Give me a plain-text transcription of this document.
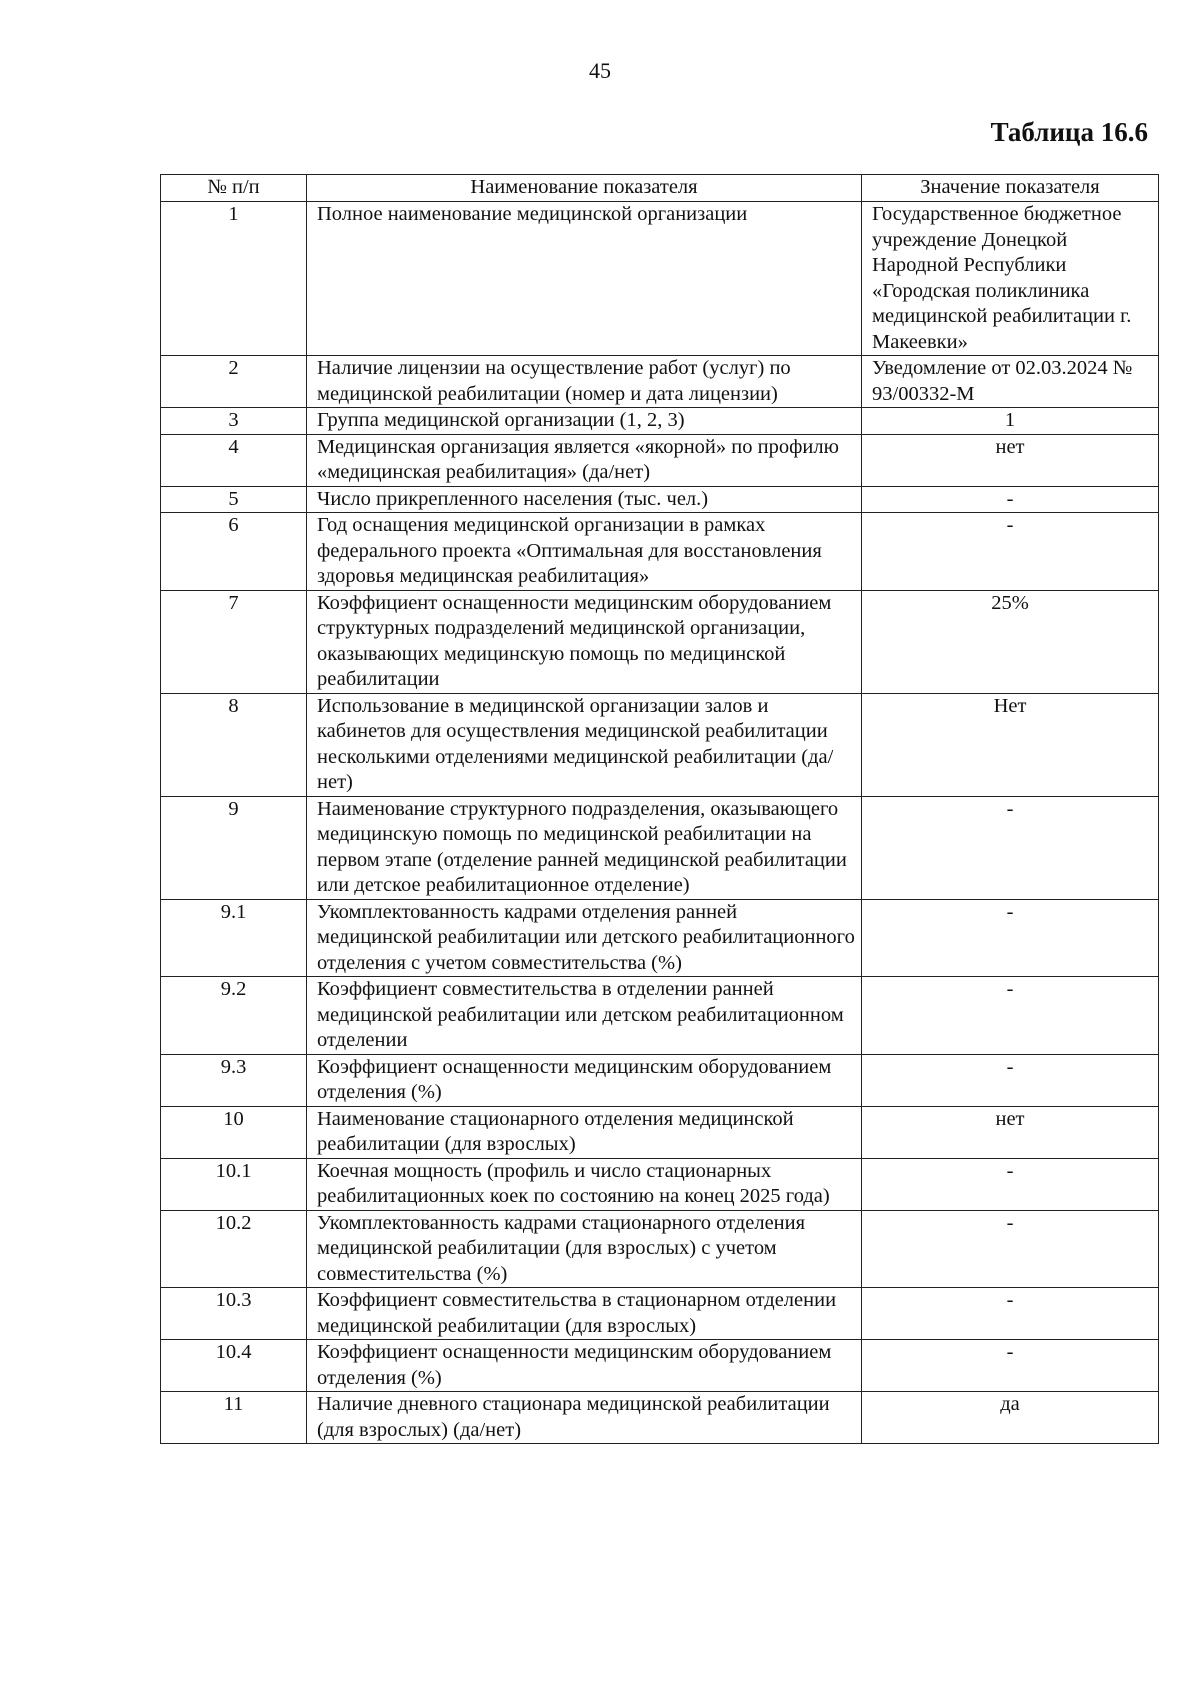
45
Таблица 16.6
№ п/п	Наименование показателя	Значение показателя
1	Полное наименование медицинской организации	Государственное бюджетное учреждение Донецкой Народной Республики «Городская поликлиника медицинской реабилитации г. Макеевки»
2	Наличие лицензии на осуществление работ (услуг) по медицинской реабилитации (номер и дата лицензии)	Уведомление от 02.03.2024 № 93/00332-М
3	Группа медицинской организации (1, 2, 3)	1
4	Медицинская организация является «якорной» по профилю «медицинская реабилитация» (да/нет)	нет
5	Число прикрепленного населения (тыс. чел.)	-
6	Год оснащения медицинской организации в рамках федерального проекта «Оптимальная для восстановления здоровья медицинская реабилитация»	-
7	Коэффициент оснащенности медицинским оборудованием структурных подразделений медицинской организации, оказывающих медицинскую помощь по медицинской реабилитации	25%
8	Использование в медицинской организации залов и кабинетов для осуществления медицинской реабилитации несколькими отделениями медицинской реабилитации (да/нет)	Нет
9	Наименование структурного подразделения, оказывающего медицинскую помощь по медицинской реабилитации на первом этапе (отделение ранней медицинской реабилитации или детское реабилитационное отделение)	-
9.1	Укомплектованность кадрами отделения ранней медицинской реабилитации или детского реабилитационного отделения с учетом совместительства (%)	-
9.2	Коэффициент совместительства в отделении ранней медицинской реабилитации или детском реабилитационном отделении	-
9.3	Коэффициент оснащенности медицинским оборудованием отделения (%)	-
10	Наименование стационарного отделения медицинской реабилитации (для взрослых)	нет
10.1	Коечная мощность (профиль и число стационарных реабилитационных коек по состоянию на конец 2025 года)	-
10.2	Укомплектованность кадрами стационарного отделения медицинской реабилитации (для взрослых) с учетом совместительства (%)	-
10.3	Коэффициент совместительства в стационарном отделении медицинской реабилитации (для взрослых)	-
10.4	Коэффициент оснащенности медицинским оборудованием отделения (%)	-
11	Наличие дневного стационара медицинской реабилитации (для взрослых) (да/нет)	да
